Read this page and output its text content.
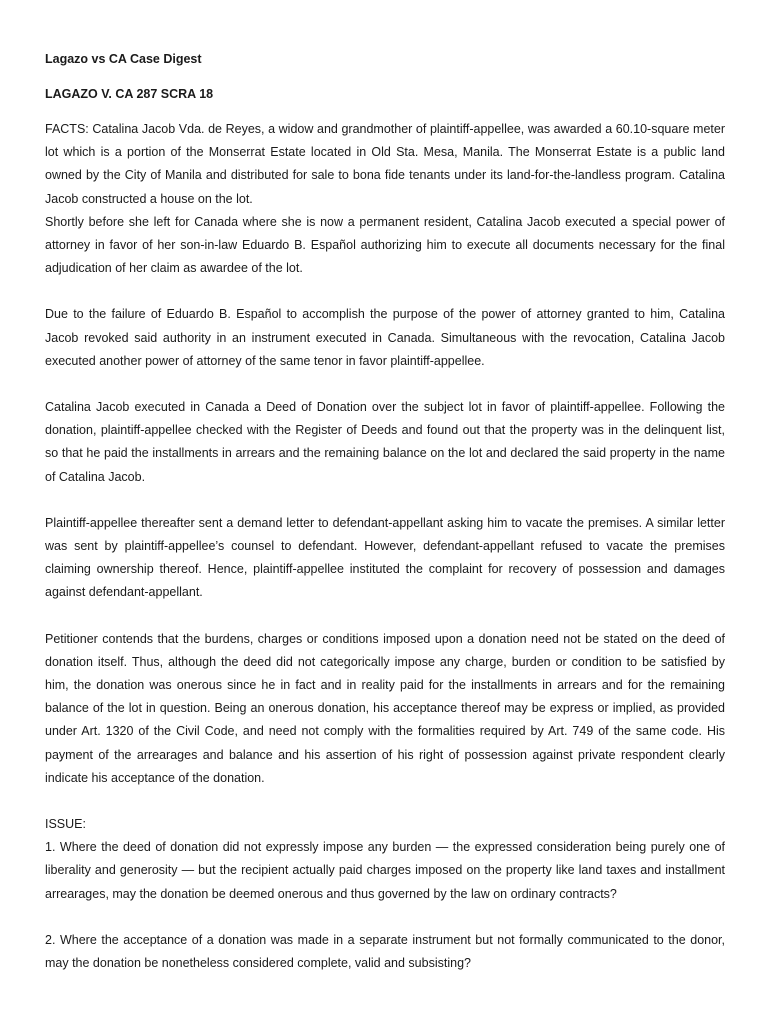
Lagazo vs CA Case Digest

LAGAZO V. CA 287 SCRA 18

FACTS: Catalina Jacob Vda. de Reyes, a widow and grandmother of plaintiff-appellee, was awarded a 60.10-square meter lot which is a portion of the Monserrat Estate located in Old Sta. Mesa, Manila. The Monserrat Estate is a public land owned by the City of Manila and distributed for sale to bona fide tenants under its land-for-the-landless program. Catalina Jacob constructed a house on the lot.

Shortly before she left for Canada where she is now a permanent resident, Catalina Jacob executed a special power of attorney in favor of her son-in-law Eduardo B. Español authorizing him to execute all documents necessary for the final adjudication of her claim as awardee of the lot.

Due to the failure of Eduardo B. Español to accomplish the purpose of the power of attorney granted to him, Catalina Jacob revoked said authority in an instrument executed in Canada. Simultaneous with the revocation, Catalina Jacob executed another power of attorney of the same tenor in favor plaintiff-appellee.

Catalina Jacob executed in Canada a Deed of Donation over the subject lot in favor of plaintiff-appellee. Following the donation, plaintiff-appellee checked with the Register of Deeds and found out that the property was in the delinquent list, so that he paid the installments in arrears and the remaining balance on the lot and declared the said property in the name of Catalina Jacob.

Plaintiff-appellee thereafter sent a demand letter to defendant-appellant asking him to vacate the premises. A similar letter was sent by plaintiff-appellee’s counsel to defendant. However, defendant-appellant refused to vacate the premises claiming ownership thereof. Hence, plaintiff-appellee instituted the complaint for recovery of possession and damages against defendant-appellant.

Petitioner contends that the burdens, charges or conditions imposed upon a donation need not be stated on the deed of donation itself. Thus, although the deed did not categorically impose any charge, burden or condition to be satisfied by him, the donation was onerous since he in fact and in reality paid for the installments in arrears and for the remaining balance of the lot in question. Being an onerous donation, his acceptance thereof may be express or implied, as provided under Art. 1320 of the Civil Code, and need not comply with the formalities required by Art. 749 of the same code. His payment of the arrearages and balance and his assertion of his right of possession against private respondent clearly indicate his acceptance of the donation.

ISSUE:

1. Where the deed of donation did not expressly impose any burden — the expressed consideration being purely one of liberality and generosity — but the recipient actually paid charges imposed on the property like land taxes and installment arrearages, may the donation be deemed onerous and thus governed by the law on ordinary contracts?

2. Where the acceptance of a donation was made in a separate instrument but not formally communicated to the donor, may the donation be nonetheless considered complete, valid and subsisting?
